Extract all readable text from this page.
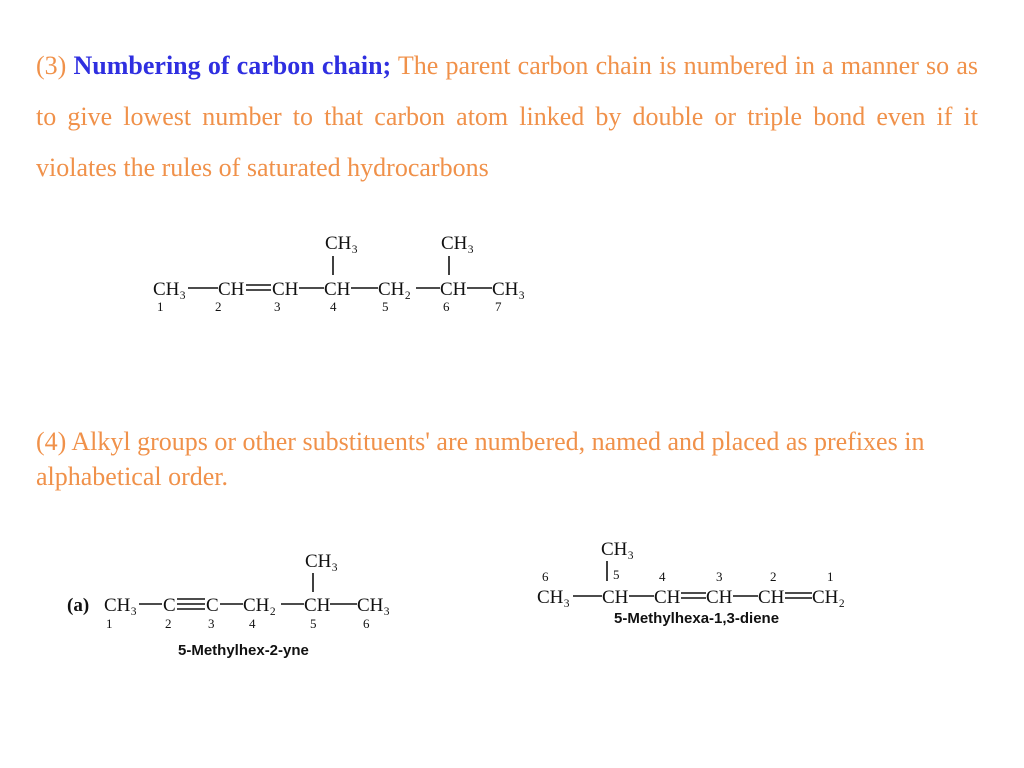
(3) Numbering of carbon chain; The parent carbon chain is numbered in a manner so as to give lowest number to that carbon atom linked by double or triple bond even if it violates the rules of saturated hydrocarbons

CH₃	CH₃
CH₃ CH CH CH CH₂ CH CH₃
1	2	3	4	5	6	7

(4) Alkyl groups or other substituents' are numbered, named and placed as prefixes in alphabetical order.

CH₃
(a) CH₃ C C CH₂ CH CH₃
1	2	3	4	5	6
5-Methylhex-2-yne
CH₃
6	5	4	3	2	1
CH₃ CH CH CH CH CH₂
5-Methylhexa-1,3-diene
